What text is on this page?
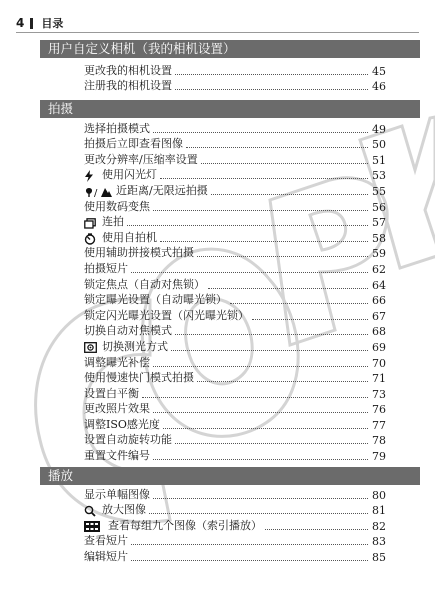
4 目录
用户自定义相机（我的相机设置）
更改我的相机设置	45
注册我的相机设置	46
拍摄
选择拍摄模式	49
拍摄后立即查看图像	50
更改分辨率/压缩率设置	51
使用闪光灯	53
/ 近距离/无限远拍摄	55
使用数码变焦	56
连拍	57
使用自拍机	58
使用辅助拼接模式拍摄	59
拍摄短片	62
锁定焦点（自动对焦锁）	64
锁定曝光设置（自动曝光锁）	66
锁定闪光曝光设置（闪光曝光锁）	67
切换自动对焦模式	68
切换测光方式	69
调整曝光补偿	70
使用慢速快门模式拍摄	71
设置白平衡	73
更改照片效果	76
调整ISO感光度	77
设置自动旋转功能	78
重置文件编号	79
播放
显示单幅图像	80
放大图像	81
查看每组九个图像（索引播放）	82
查看短片	83
编辑短片	85
